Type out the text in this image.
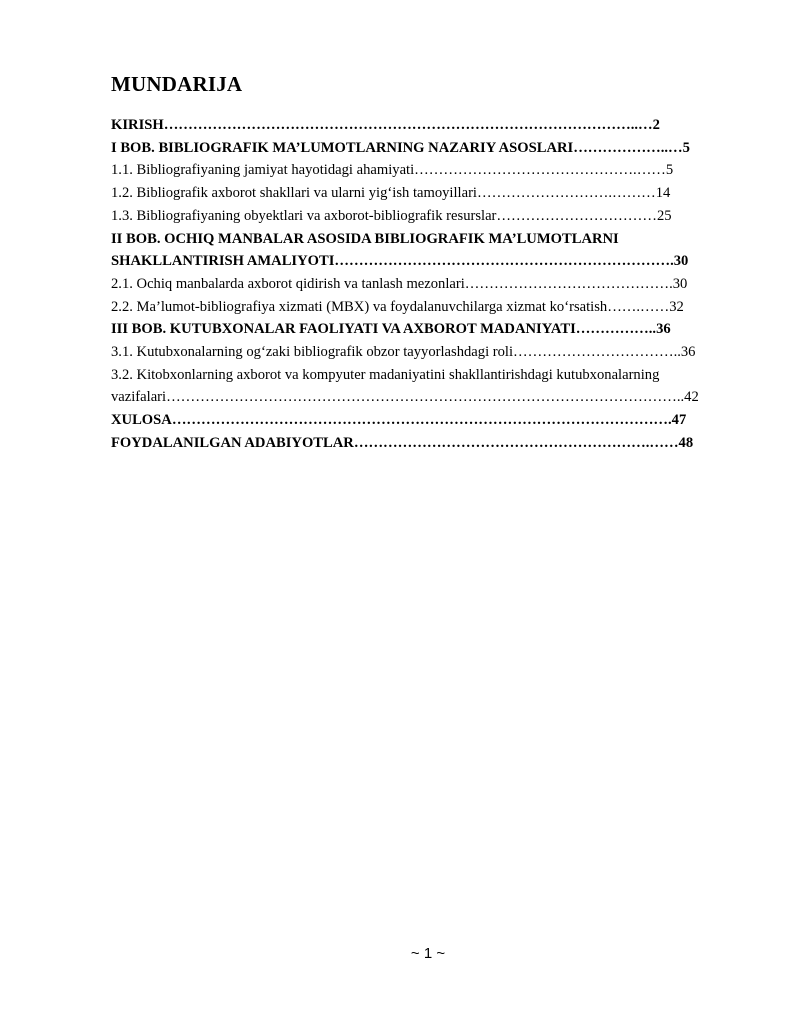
MUNDARIJA
KIRISH……………………………………………………………………………………..…2
I BOB. BIBLIOGRAFIK MA’LUMOTLARNING NAZARIY ASOSLARI………………..…5
1.1. Bibliografiyaning jamiyat hayotidagi ahamiyati……………………………………….……5
1.2. Bibliografik axborot shakllari va ularni yig‘ish tamoyillari……………………….………14
1.3. Bibliografiyaning obyektlari va axborot-bibliografik resurslar……………………………25
II BOB. OCHIQ MANBALAR ASOSIDA BIBLIOGRAFIK MA’LUMOTLARNI
SHAKLLANTIRISH AMALIYOTI…………………………………………………………….30
2.1. Ochiq manbalarda axborot qidirish va tanlash mezonlari…………………………………….30
2.2. Ma’lumot-bibliografiya xizmati (MBX) va foydalanuvchilarga xizmat ko‘rsatish…….……32
III BOB. KUTUBXONALAR FAOLIYATI VA AXBOROT MADANIYATI……………..36
3.1. Kutubxonalarning og‘zaki bibliografik obzor tayyorlashdagi roli……………………………..36
3.2. Kitobxonlarning axborot va kompyuter madaniyatini shakllantirishdagi kutubxonalarning
vazifalari……………………………………………………………………………………………..42
XULOSA………………………………………………………………………………………….47
FOYDALANILGAN ADABIYOTLAR…………………………………………………….……48
~ 1 ~
